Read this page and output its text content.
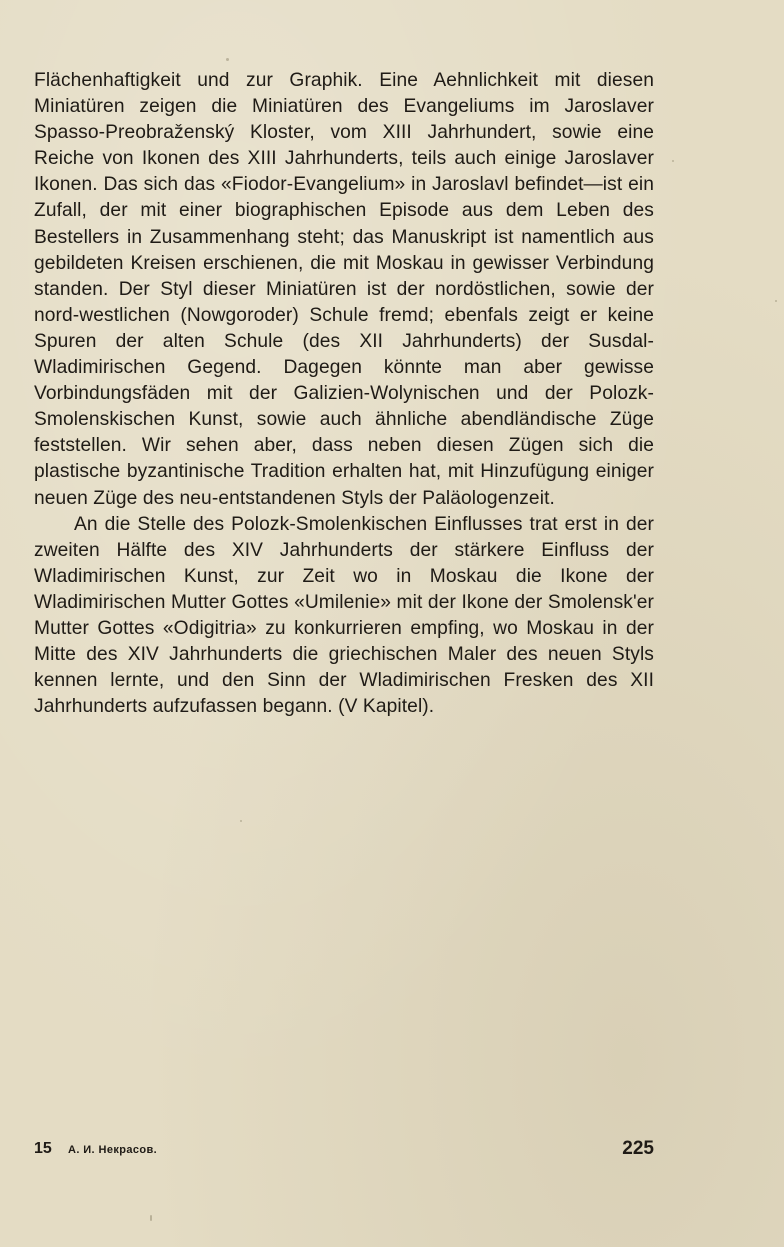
Flächenhaftigkeit und zur Graphik. Eine Aehnlichkeit mit diesen Miniatüren zeigen die Miniatüren des Evangeliums im Jaroslaver Spasso-Preobraženský Kloster, vom XIII Jahrhundert, sowie eine Reiche von Ikonen des XIII Jahrhunderts, teils auch einige Jaroslaver Ikonen. Das sich das «Fiodor-Evangelium» in Jaroslavl befindet—ist ein Zufall, der mit einer biographischen Episode aus dem Leben des Bestellers in Zusammenhang steht; das Manuskript ist namentlich aus gebildeten Kreisen erschienen, die mit Moskau in gewisser Verbindung standen. Der Styl dieser Miniatüren ist der nordöstlichen, sowie der nord-westlichen (Nowgoroder) Schule fremd; ebenfals zeigt er keine Spuren der alten Schule (des XII Jahrhunderts) der Susdal-Wladimirischen Gegend. Dagegen könnte man aber gewisse Vorbindungsfäden mit der Galizien-Wolynischen und der Polozk-Smolenskischen Kunst, sowie auch ähnliche abendländische Züge feststellen. Wir sehen aber, dass neben diesen Zügen sich die plastische byzantinische Tradition erhalten hat, mit Hinzufügung einiger neuen Züge des neu-entstandenen Styls der Paläologenzeit.

An die Stelle des Polozk-Smolenkischen Einflusses trat erst in der zweiten Hälfte des XIV Jahrhunderts der stärkere Einfluss der Wladimirischen Kunst, zur Zeit wo in Moskau die Ikone der Wladimirischen Mutter Gottes «Umilenie» mit der Ikone der Smolensk'er Mutter Gottes «Odigitria» zu konkurrieren empfing, wo Moskau in der Mitte des XIV Jahrhunderts die griechischen Maler des neuen Styls kennen lernte, und den Sinn der Wladimirischen Fresken des XII Jahrhunderts aufzufassen begann. (V Kapitel).

15 А. И. Некрасов.	225
